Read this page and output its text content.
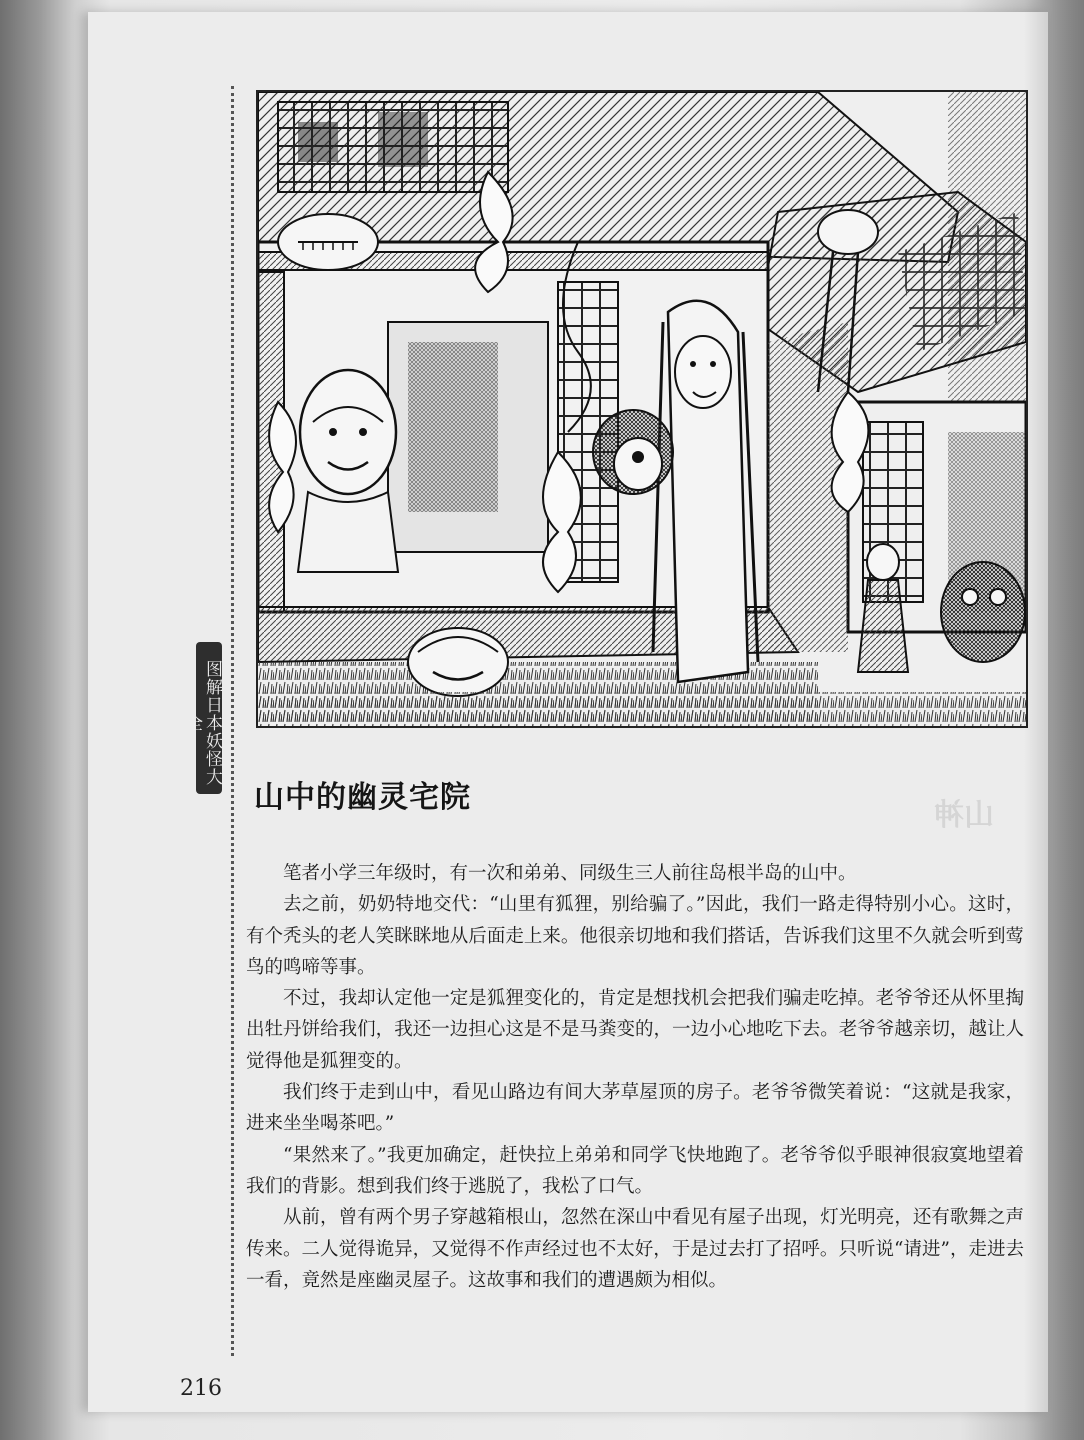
图解日本妖怪大全
山神
山中的幽灵宅院

笔者小学三年级时，有一次和弟弟、同级生三人前往岛根半岛的山中。

去之前，奶奶特地交代：“山里有狐狸，别给骗了。”因此，我们一路走得特别小心。这时，有个秃头的老人笑眯眯地从后面走上来。他很亲切地和我们搭话，告诉我们这里不久就会听到莺鸟的鸣啼等事。

不过，我却认定他一定是狐狸变化的，肯定是想找机会把我们骗走吃掉。老爷爷还从怀里掏出牡丹饼给我们，我还一边担心这是不是马粪变的，一边小心地吃下去。老爷爷越亲切，越让人觉得他是狐狸变的。

我们终于走到山中，看见山路边有间大茅草屋顶的房子。老爷爷微笑着说：“这就是我家，进来坐坐喝茶吧。”

“果然来了。”我更加确定，赶快拉上弟弟和同学飞快地跑了。老爷爷似乎眼神很寂寞地望着我们的背影。想到我们终于逃脱了，我松了口气。

从前，曾有两个男子穿越箱根山，忽然在深山中看见有屋子出现，灯光明亮，还有歌舞之声传来。二人觉得诡异，又觉得不作声经过也不太好，于是过去打了招呼。只听说“请进”，走进去一看，竟然是座幽灵屋子。这故事和我们的遭遇颇为相似。

216
